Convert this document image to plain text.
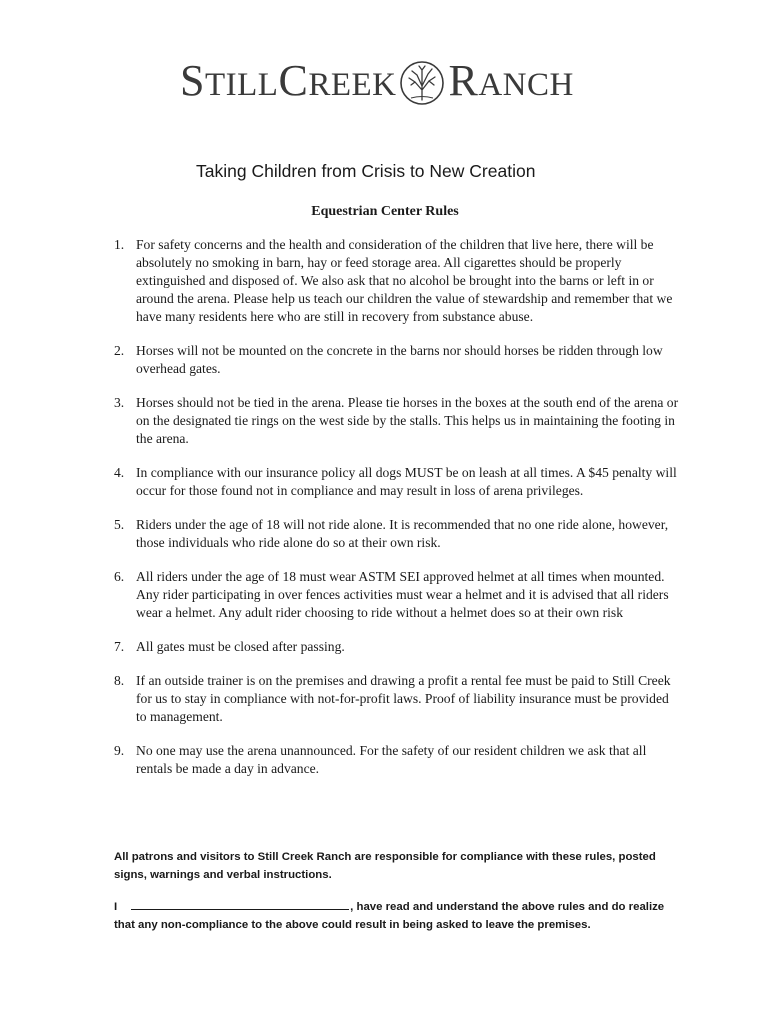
S TILL C REEK R ANCH
Taking Children from Crisis to New Creation
Equestrian Center Rules
1. For safety concerns and the health and consideration of the children that live here, there will be absolutely no smoking in barn, hay or feed storage area. All cigarettes should be properly extinguished and disposed of. We also ask that no alcohol be brought into the barns or left in or around the arena. Please help us teach our children the value of stewardship and remember that we have many residents here who are still in recovery from substance abuse.
2. Horses will not be mounted on the concrete in the barns nor should horses be ridden through low overhead gates.
3. Horses should not be tied in the arena. Please tie horses in the boxes at the south end of the arena or on the designated tie rings on the west side by the stalls. This helps us in maintaining the footing in the arena.
4. In compliance with our insurance policy all dogs MUST be on leash at all times. A $45 penalty will occur for those found not in compliance and may result in loss of arena privileges.
5. Riders under the age of 18 will not ride alone. It is recommended that no one ride alone, however, those individuals who ride alone do so at their own risk.
6. All riders under the age of 18 must wear ASTM SEI approved helmet at all times when mounted. Any rider participating in over fences activities must wear a helmet and it is advised that all riders wear a helmet. Any adult rider choosing to ride without a helmet does so at their own risk
7. All gates must be closed after passing.
8. If an outside trainer is on the premises and drawing a profit a rental fee must be paid to Still Creek for us to stay in compliance with not-for-profit laws. Proof of liability insurance must be provided to management.
9. No one may use the arena unannounced. For the safety of our resident children we ask that all rentals be made a day in advance.
All patrons and visitors to Still Creek Ranch are responsible for compliance with these rules, posted signs, warnings and verbal instructions.
I	, have read and understand the above rules and do realize that any non-compliance to the above could result in being asked to leave the premises.
